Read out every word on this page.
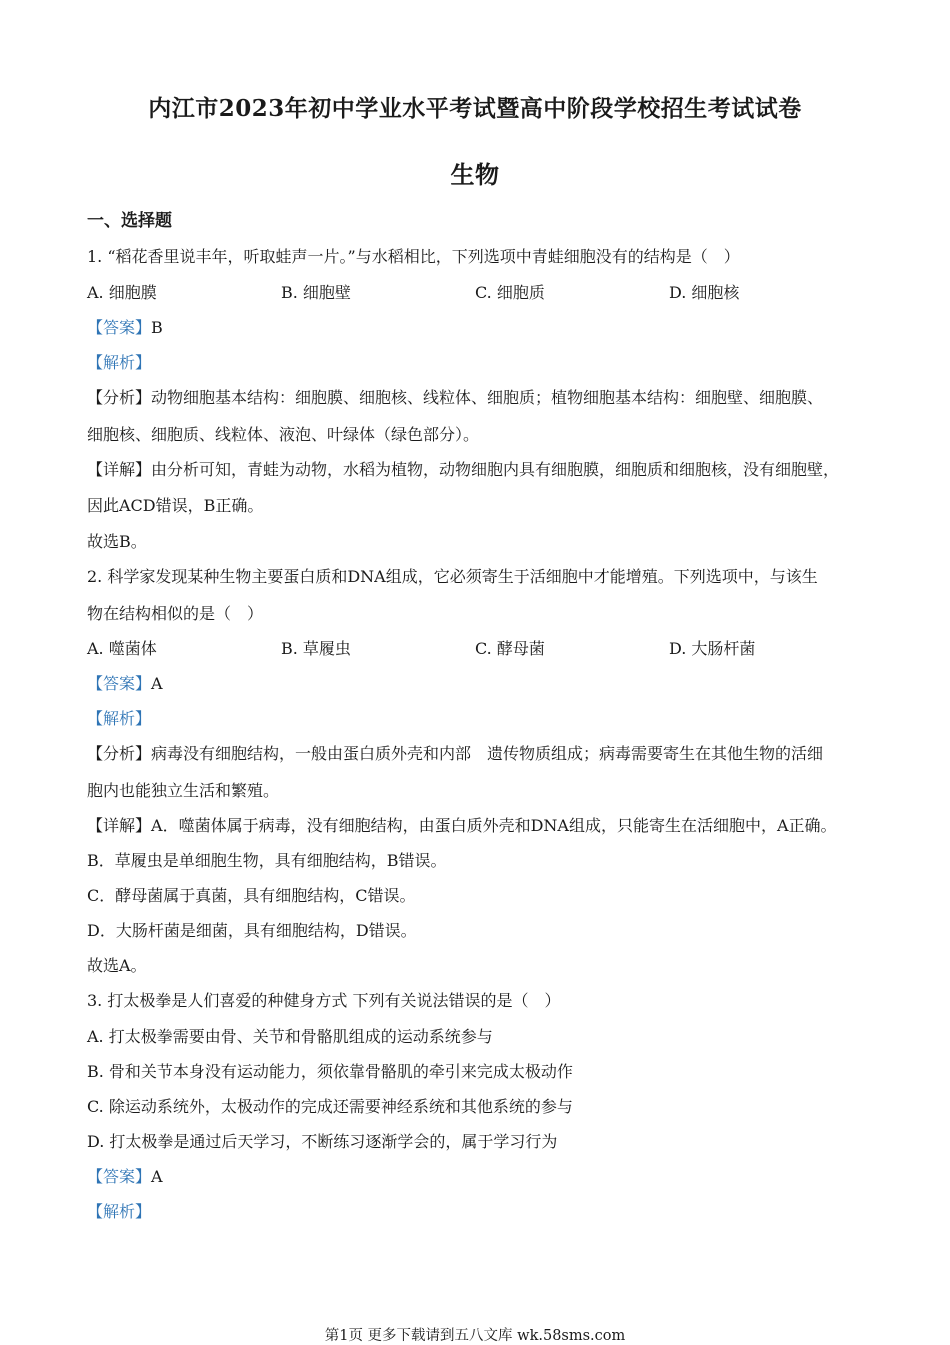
内江市2023年初中学业水平考试暨高中阶段学校招生考试试卷
生物
一、选择题
1. “稻花香里说丰年，听取蛙声一片。”与水稻相比，下列选项中青蛙细胞没有的结构是（　）
A. 细胞膜	B. 细胞壁	C. 细胞质	D. 细胞核
【答案】B
【解析】
【分析】动物细胞基本结构：细胞膜、细胞核、线粒体、细胞质；植物细胞基本结构：细胞壁、细胞膜、
细胞核、细胞质、线粒体、液泡、叶绿体（绿色部分）。
【详解】由分析可知，青蛙为动物，水稻为植物，动物细胞内具有细胞膜，细胞质和细胞核，没有细胞壁，
因此ACD错误，B正确。
故选B。
2. 科学家发现某种生物主要蛋白质和DNA组成，它必须寄生于活细胞中才能增殖。下列选项中，与该生
物在结构相似的是（　）
A. 噬菌体	B. 草履虫	C. 酵母菌	D. 大肠杆菌
【答案】A
【解析】
【分析】病毒没有细胞结构，一般由蛋白质外壳和内部　遗传物质组成；病毒需要寄生在其他生物的活细
胞内也能独立生活和繁殖。
【详解】A．噬菌体属于病毒，没有细胞结构，由蛋白质外壳和DNA组成，只能寄生在活细胞中，A正确。
B．草履虫是单细胞生物，具有细胞结构，B错误。
C．酵母菌属于真菌，具有细胞结构，C错误。
D．大肠杆菌是细菌，具有细胞结构，D错误。
故选A。
3. 打太极拳是人们喜爱的种健身方式 下列有关说法错误的是（　）
A. 打太极拳需要由骨、关节和骨骼肌组成的运动系统参与
B. 骨和关节本身没有运动能力，须依靠骨骼肌的牵引来完成太极动作
C. 除运动系统外，太极动作的完成还需要神经系统和其他系统的参与
D. 打太极拳是通过后天学习，不断练习逐渐学会的，属于学习行为
【答案】A
【解析】
第1页 更多下载请到五八文库 wk.58sms.com
